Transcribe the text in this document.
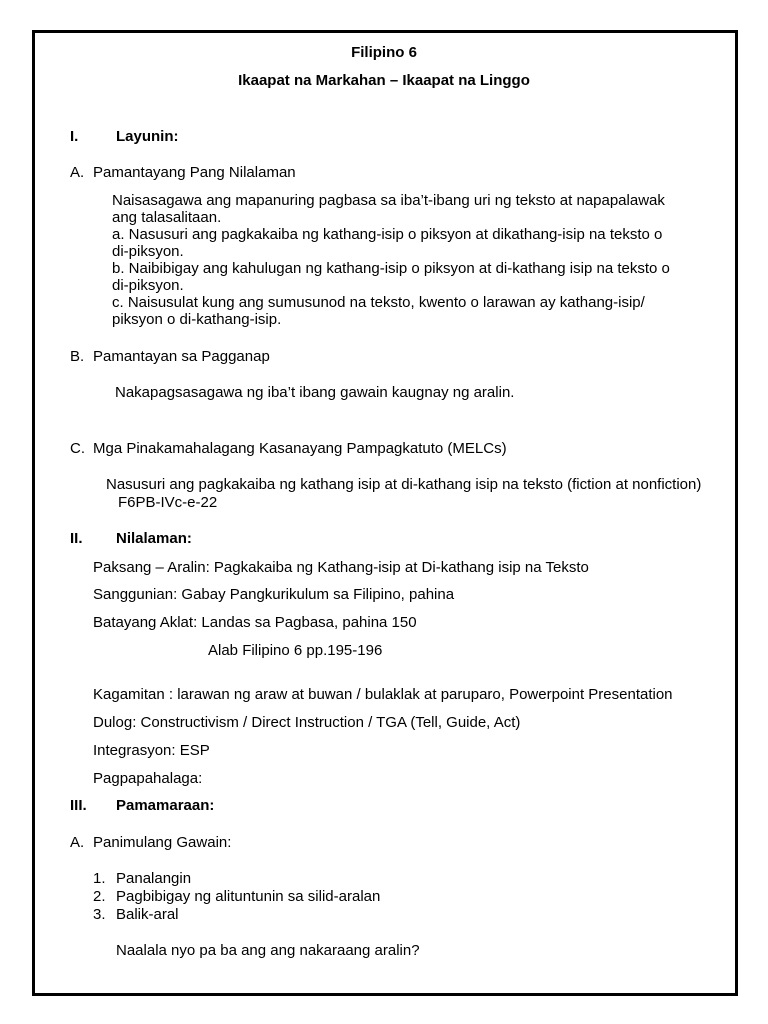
Filipino 6
Ikaapat na Markahan – Ikaapat na Linggo
I.	Layunin:
A. Pamantayang Pang Nilalaman
Naisasagawa ang mapanuring pagbasa sa iba’t-ibang uri ng teksto at napapalawak
ang talasalitaan.
a. Nasusuri ang pagkakaiba ng kathang-isip o piksyon at dikathang-isip na teksto o
di-piksyon.
b. Naibibigay ang kahulugan ng kathang-isip o piksyon at di-kathang isip na teksto o
di-piksyon.
c. Naisusulat kung ang sumusunod na teksto, kwento o larawan ay kathang-isip/
piksyon o di-kathang-isip.
B. Pamantayan sa Pagganap
Nakapagsasagawa ng iba’t ibang gawain kaugnay ng aralin.
C. Mga Pinakamahalagang Kasanayang Pampagkatuto (MELCs)
Nasusuri ang pagkakaiba ng kathang isip at di-kathang isip na teksto (fiction at nonfiction)
F6PB-IVc-e-22
II. Nilalaman:
Paksang – Aralin: Pagkakaiba ng Kathang-isip at Di-kathang isip na Teksto
Sanggunian: Gabay Pangkurikulum sa Filipino, pahina
Batayang Aklat: Landas sa Pagbasa, pahina 150
Alab Filipino 6 pp.195-196
Kagamitan : larawan ng araw at buwan / bulaklak at paruparo, Powerpoint Presentation
Dulog: Constructivism / Direct Instruction / TGA (Tell, Guide, Act)
Integrasyon: ESP
Pagpapahalaga:
III. Pamamaraan:
A. Panimulang Gawain:
1. Panalangin
2. Pagbibigay ng alituntunin sa silid-aralan
3. Balik-aral
Naalala nyo pa ba ang ang nakaraang aralin?
